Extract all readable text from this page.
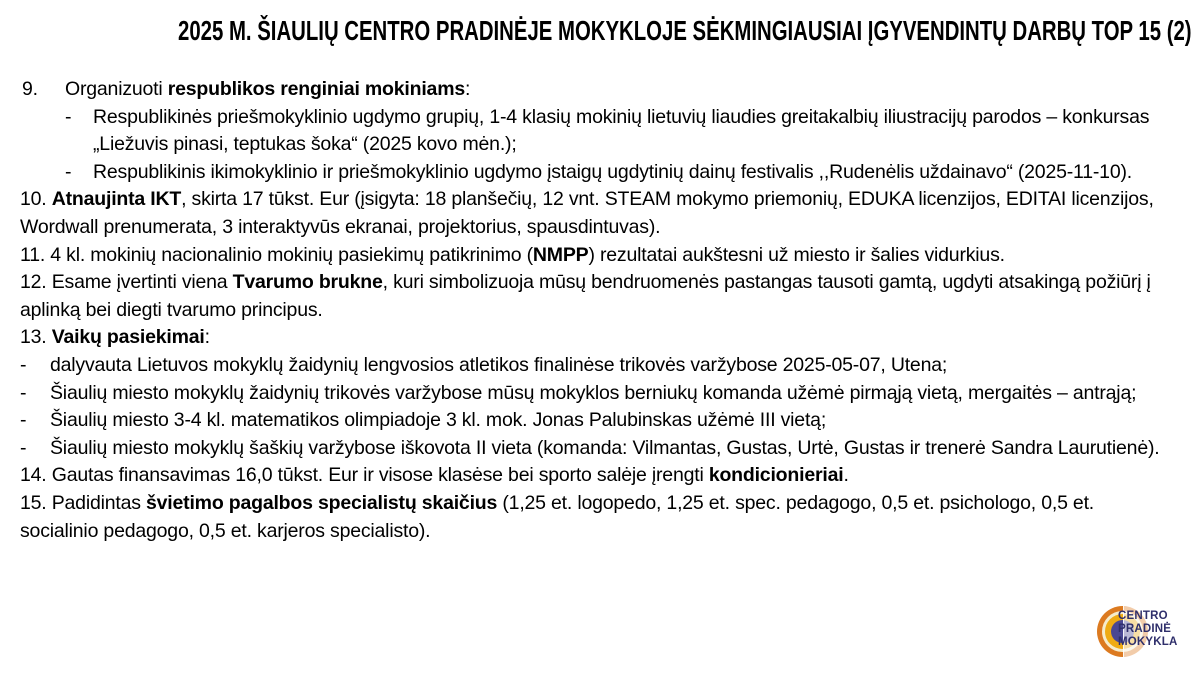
2025 M. ŠIAULIŲ CENTRO PRADINĖJE MOKYKLOJE SĖKMINGIAUSIAI ĮGYVENDINTŲ DARBŲ TOP 15 (2)
9. Organizuoti respublikos renginiai mokiniams:
- Respublikinės priešmokyklinio ugdymo grupių, 1-4 klasių mokinių lietuvių liaudies greitakalbių iliustracijų parodos – konkursas „Liežuvis pinasi, teptukas šoka“ (2025 kovo mėn.);
- Respublikinis ikimokyklinio ir priešmokyklinio ugdymo įstaigų ugdytinių dainų festivalis ,,Rudenėlis uždainavo“ (2025-11-10).
10. Atnaujinta IKT, skirta 17 tūkst. Eur (įsigyta: 18 planšečių, 12 vnt. STEAM mokymo priemonių, EDUKA licenzijos, EDITAI licenzijos, Wordwall prenumerata, 3 interaktyvūs ekranai, projektorius, spausdintuvas).
11. 4 kl. mokinių nacionalinio mokinių pasiekimų patikrinimo (NMPP) rezultatai aukštesni už miesto ir šalies vidurkius.
12. Esame įvertinti viena Tvarumo brukne, kuri simbolizuoja mūsų bendruomenės pastangas tausoti gamtą, ugdyti atsakingą požiūrį į aplinką bei diegti tvarumo principus.
13. Vaikų pasiekimai:
- dalyvauta Lietuvos mokyklų žaidynių lengvosios atletikos finalinėse trikovės varžybose 2025-05-07, Utena;
- Šiaulių miesto mokyklų žaidynių trikovės varžybose mūsų mokyklos berniukų komanda užėmė pirmąją vietą, mergaitės – antrąją;
- Šiaulių miesto 3-4 kl. matematikos olimpiadoje 3 kl. mok. Jonas Palubinskas užėmė III vietą;
- Šiaulių miesto mokyklų šaškių varžybose iškovota II vieta (komanda: Vilmantas, Gustas, Urtė, Gustas ir trenerė Sandra Laurutienė).
14. Gautas finansavimas 16,0 tūkst. Eur ir visose klasėse bei sporto salėje įrengti kondicionieriai.
15. Padidintas švietimo pagalbos specialistų skaičius (1,25 et. logopedo, 1,25 et. spec. pedagogo, 0,5 et. psichologo, 0,5 et. socialinio pedagogo, 0,5 et. karjeros specialisto).
CENTRO
PRADINĖ
MOKYKLA
